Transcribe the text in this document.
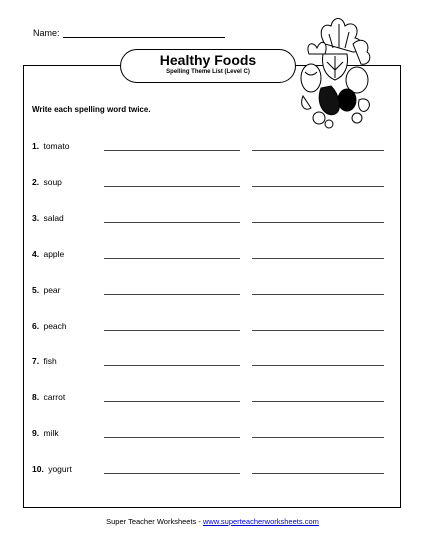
Name:
Healthy Foods
Spelling Theme List (Level C)
Write each spelling word twice.
1. tomato
2. soup
3. salad
4. apple
5. pear
6. peach
7. fish
8. carrot
9. milk
10. yogurt
Super Teacher Worksheets - www.superteacherworksheets.com
